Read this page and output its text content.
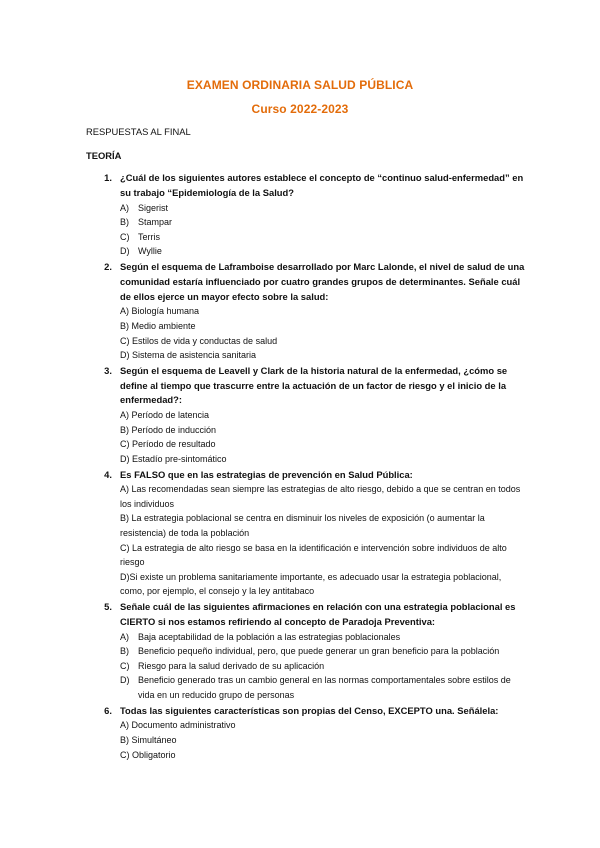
EXAMEN ORDINARIA SALUD PÚBLICA
Curso 2022-2023
RESPUESTAS AL FINAL
TEORÍA
1. ¿Cuál de los siguientes autores establece el concepto de “continuo salud-enfermedad” en su trabajo “Epidemiología de la Salud?
A)	Sigerist
B)	Stampar
C) Terris
D) Wyllie
2. Según el esquema de Laframboise desarrollado por Marc Lalonde, el nivel de salud de una comunidad estaría influenciado por cuatro grandes grupos de determinantes. Señale cuál de ellos ejerce un mayor efecto sobre la salud:
A) Biología humana
B) Medio ambiente
C) Estilos de vida y conductas de salud
D) Sistema de asistencia sanitaria
3. Según el esquema de Leavell y Clark de la historia natural de la enfermedad, ¿cómo se define al tiempo que trascurre entre la actuación de un factor de riesgo y el inicio de la enfermedad?:
A) Período de latencia
B) Período de inducción
C) Período de resultado
D) Estadío pre-sintomático
4. Es FALSO que en las estrategias de prevención en Salud Pública:
A) Las recomendadas sean siempre las estrategias de alto riesgo, debido a que se centran en todos los individuos
B) La estrategia poblacional se centra en disminuir los niveles de exposición (o aumentar la resistencia) de toda la población
C) La estrategia de alto riesgo se basa en la identificación e intervención sobre individuos de alto riesgo
D)Si existe un problema sanitariamente importante, es adecuado usar la estrategia poblacional, como, por ejemplo, el consejo y la ley antitabaco
5. Señale cuál de las siguientes afirmaciones en relación con una estrategia poblacional es CIERTO si nos estamos refiriendo al concepto de Paradoja Preventiva:
A)	Baja aceptabilidad de la población a las estrategias poblacionales
B)	Beneficio pequeño individual, pero, que puede generar un gran beneficio para la población
C) Riesgo para la salud derivado de su aplicación
D) Beneficio generado tras un cambio general en las normas comportamentales sobre estilos de vida en un reducido grupo de personas
6. Todas las siguientes características son propias del Censo, EXCEPTO una. Señálela:
A) Documento administrativo
B) Simultáneo
C) Obligatorio
